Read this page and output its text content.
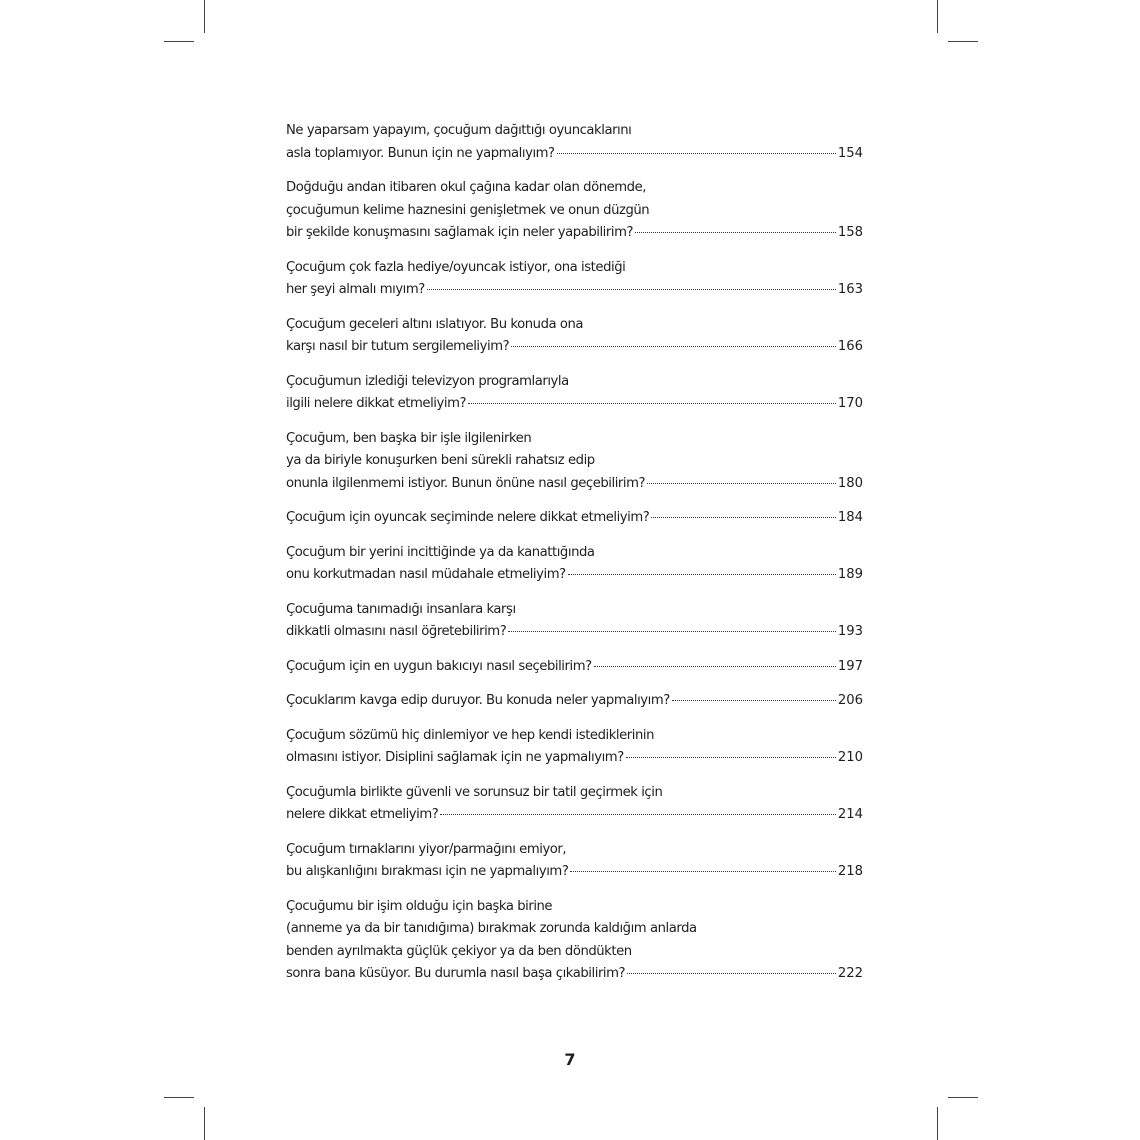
Ne yaparsam yapayım, çocuğum dağıttığı oyuncaklarını
asla toplamıyor. Bunun için ne yapmalıyım?	154
Doğduğu andan itibaren okul çağına kadar olan dönemde,
çocuğumun kelime haznesini genişletmek ve onun düzgün
bir şekilde konuşmasını sağlamak için neler yapabilirim?	158
Çocuğum çok fazla hediye/oyuncak istiyor, ona istediği
her şeyi almalı mıyım?	163
Çocuğum geceleri altını ıslatıyor. Bu konuda ona
karşı nasıl bir tutum sergilemeliyim?	166
Çocuğumun izlediği televizyon programlarıyla
ilgili nelere dikkat etmeliyim?	170
Çocuğum, ben başka bir işle ilgilenirken
ya da biriyle konuşurken beni sürekli rahatsız edip
onunla ilgilenmemi istiyor. Bunun önüne nasıl geçebilirim?	180
Çocuğum için oyuncak seçiminde nelere dikkat etmeliyim?	184
Çocuğum bir yerini incittiğinde ya da kanattığında
onu korkutmadan nasıl müdahale etmeliyim?	189
Çocuğuma tanımadığı insanlara karşı
dikkatli olmasını nasıl öğretebilirim?	193
Çocuğum için en uygun bakıcıyı nasıl seçebilirim?	197
Çocuklarım kavga edip duruyor. Bu konuda neler yapmalıyım?	206
Çocuğum sözümü hiç dinlemiyor ve hep kendi istediklerinin
olmasını istiyor. Disiplini sağlamak için ne yapmalıyım?	210
Çocuğumla birlikte güvenli ve sorunsuz bir tatil geçirmek için
nelere dikkat etmeliyim?	214
Çocuğum tırnaklarını yiyor/parmağını emiyor,
bu alışkanlığını bırakması için ne yapmalıyım?	218
Çocuğumu bir işim olduğu için başka birine
(anneme ya da bir tanıdığıma) bırakmak zorunda kaldığım anlarda
benden ayrılmakta güçlük çekiyor ya da ben döndükten
sonra bana küsüyor. Bu durumla nasıl başa çıkabilirim?	222
7
